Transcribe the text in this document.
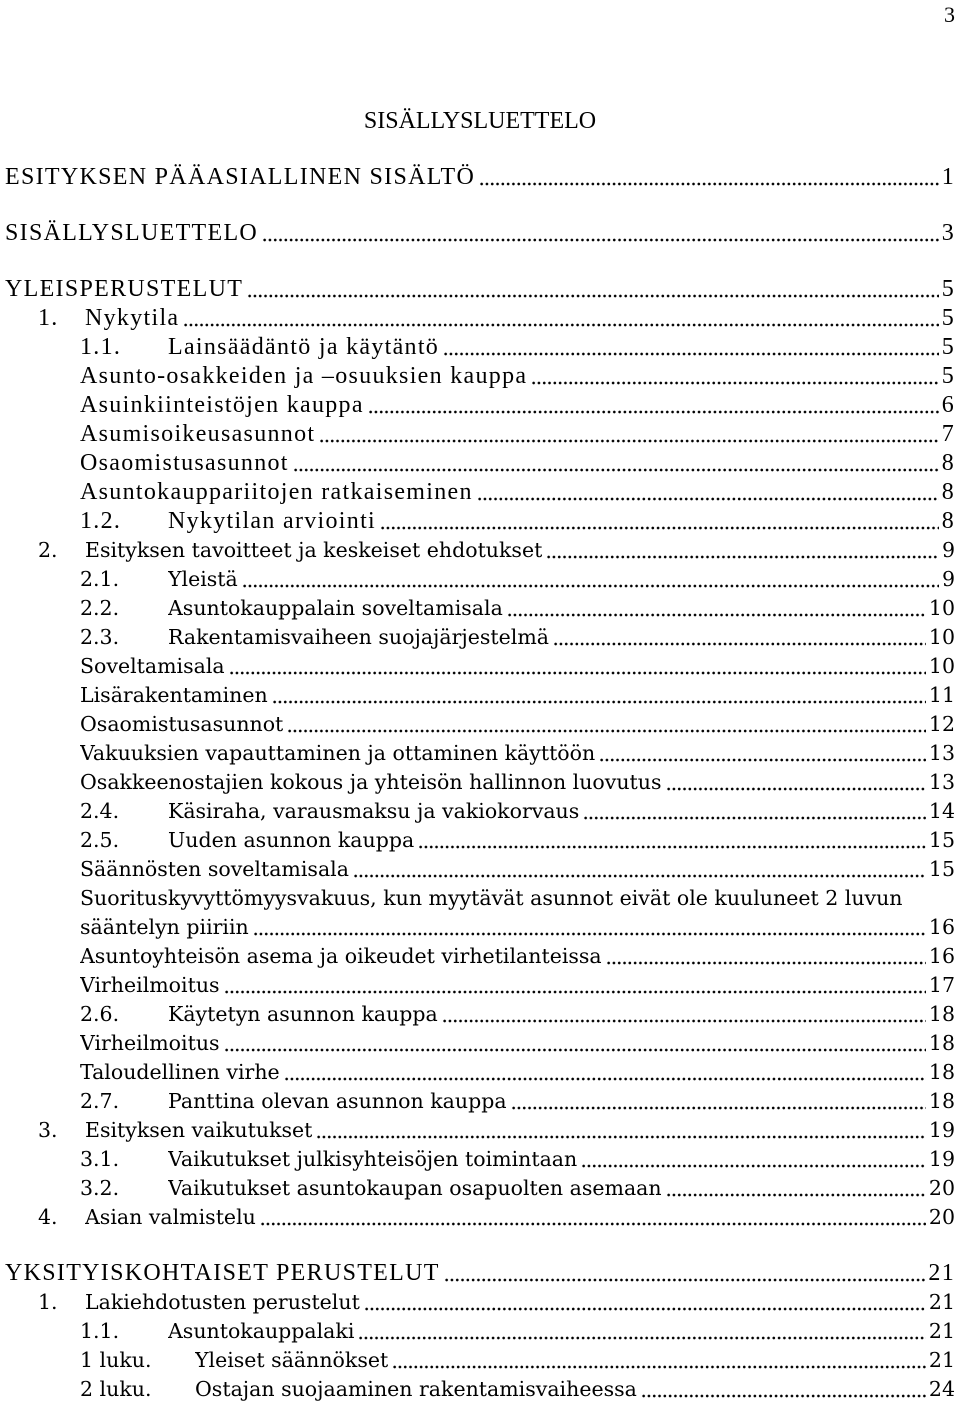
3
SISÄLLYSLUETTELO
ESITYKSEN PÄÄASIALLINEN SISÄLTÖ	1
SISÄLLYSLUETTELO	3
YLEISPERUSTELUT	5
1.	Nykytila	5
1.1.	Lainsäädäntö ja käytäntö	5
Asunto-osakkeiden ja –osuuksien kauppa	5
Asuinkiinteistöjen kauppa	6
Asumisoikeusasunnot	7
Osaomistusasunnot	8
Asuntokauppariitojen ratkaiseminen	8
1.2.	Nykytilan arviointi	8
2.	Esityksen tavoitteet ja keskeiset ehdotukset	9
2.1.	Yleistä	9
2.2.	Asuntokauppalain soveltamisala	10
2.3.	Rakentamisvaiheen suojajärjestelmä	10
Soveltamisala	10
Lisärakentaminen	11
Osaomistusasunnot	12
Vakuuksien vapauttaminen ja ottaminen käyttöön	13
Osakkeenostajien kokous ja yhteisön hallinnon luovutus	13
2.4.	Käsiraha, varausmaksu ja vakiokorvaus	14
2.5.	Uuden asunnon kauppa	15
Säännösten soveltamisala	15
Suorituskyvyttömyysvakuus, kun myytävät asunnot eivät ole kuuluneet 2 luvun
sääntelyn piiriin	16
Asuntoyhteisön asema ja oikeudet virhetilanteissa	16
Virheilmoitus	17
2.6.	Käytetyn asunnon kauppa	18
Virheilmoitus	18
Taloudellinen virhe	18
2.7.	Panttina olevan asunnon kauppa	18
3.	Esityksen vaikutukset	19
3.1.	Vaikutukset julkisyhteisöjen toimintaan	19
3.2.	Vaikutukset asuntokaupan osapuolten asemaan	20
4.	Asian valmistelu	20
YKSITYISKOHTAISET PERUSTELUT	21
1.	Lakiehdotusten perustelut	21
1.1.	Asuntokauppalaki	21
1 luku.	Yleiset säännökset	21
2 luku.	Ostajan suojaaminen rakentamisvaiheessa	24
